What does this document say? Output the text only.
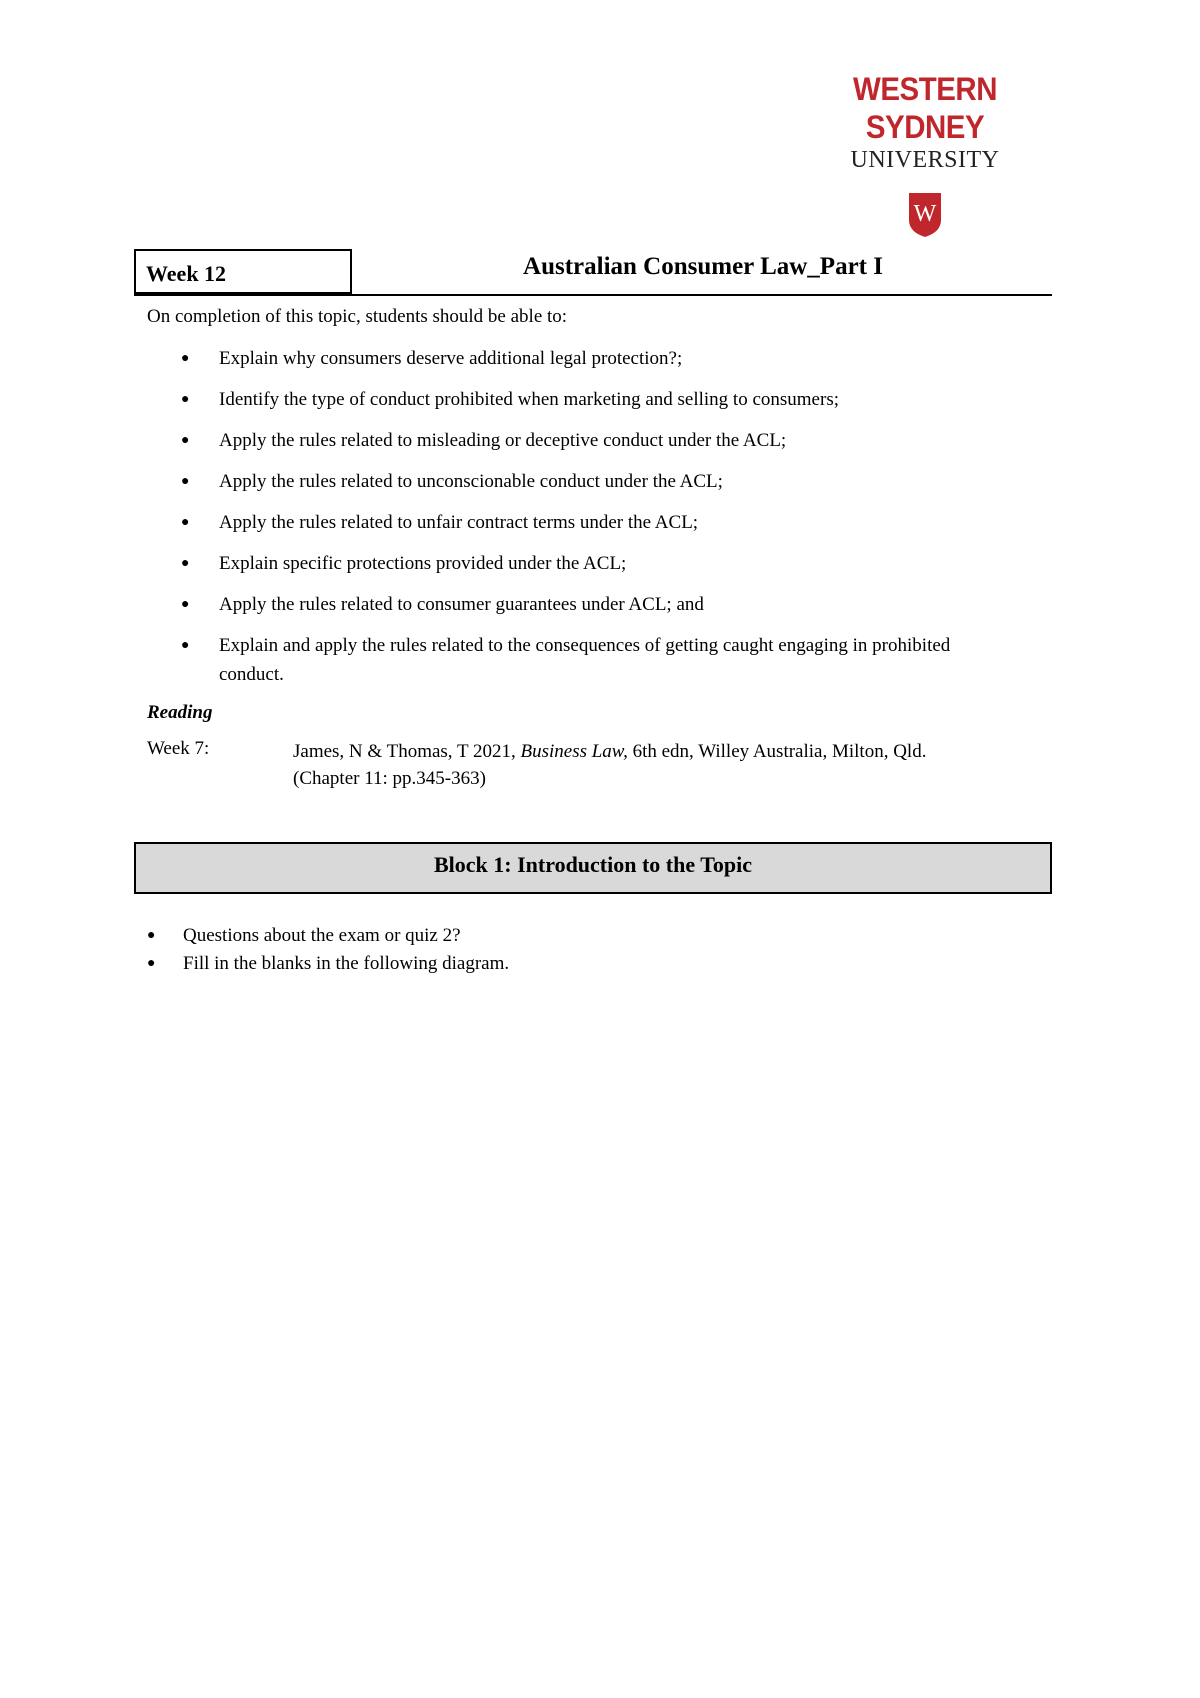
WESTERN SYDNEY
UNIVERSITY
W
Week 12	Australian Consumer Law_Part I
On completion of this topic, students should be able to:
● Explain why consumers deserve additional legal protection?;
● Identify the type of conduct prohibited when marketing and selling to consumers;
● Apply the rules related to misleading or deceptive conduct under the ACL;
● Apply the rules related to unconscionable conduct under the ACL;
● Apply the rules related to unfair contract terms under the ACL;
● Explain specific protections provided under the ACL;
● Apply the rules related to consumer guarantees under ACL; and
● Explain and apply the rules related to the consequences of getting caught engaging in prohibited conduct.
Reading
Week 7:	James, N & Thomas, T 2021, Business Law, 6th edn, Willey Australia, Milton, Qld.
(Chapter 11: pp.345-363)
Block 1: Introduction to the Topic
● Questions about the exam or quiz 2?
● Fill in the blanks in the following diagram.
